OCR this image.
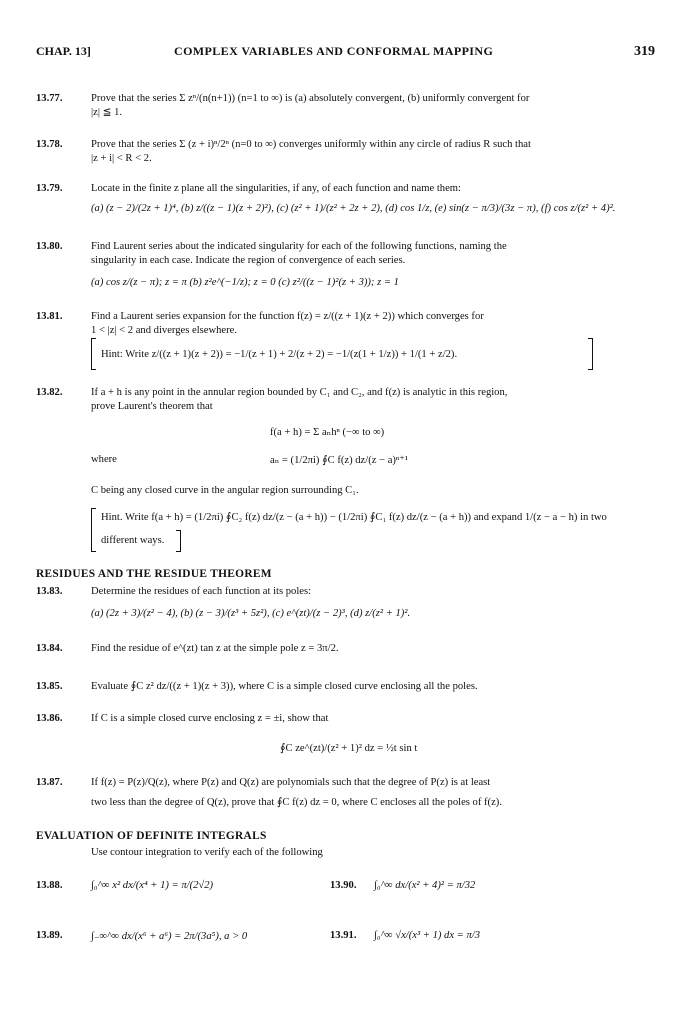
CHAP. 13]	COMPLEX VARIABLES AND CONFORMAL MAPPING	319
13.77.	Prove that the series Σ zⁿ/(n(n+1)) (n=1 to ∞) is (a) absolutely convergent, (b) uniformly convergent for
|z| ≦ 1.
13.78.	Prove that the series Σ (z + i)ⁿ/2ⁿ (n=0 to ∞) converges uniformly within any circle of radius R such that
|z + i| < R < 2.
13.79.	Locate in the finite z plane all the singularities, if any, of each function and name them:
(a) (z − 2)/(2z + 1)⁴, (b) z/((z − 1)(z + 2)²), (c) (z² + 1)/(z² + 2z + 2), (d) cos 1/z, (e) sin(z − π/3)/(3z − π), (f) cos z/(z² + 4)².
13.80.	Find Laurent series about the indicated singularity for each of the following functions, naming the
singularity in each case. Indicate the region of convergence of each series.
(a) cos z/(z − π); z = π (b) z²e^(−1/z); z = 0 (c) z²/((z − 1)²(z + 3)); z = 1
13.81.	Find a Laurent series expansion for the function f(z) = z/((z + 1)(z + 2)) which converges for
1 < |z| < 2 and diverges elsewhere.
Hint: Write z/((z + 1)(z + 2)) = −1/(z + 1) + 2/(z + 2) = −1/(z(1 + 1/z)) + 1/(1 + z/2).
13.82.	If a + h is any point in the annular region bounded by C₁ and C₂, and f(z) is analytic in this region,
prove Laurent's theorem that
f(a + h) = Σ aₙhⁿ (−∞ to ∞)
where	aₙ = (1/2πi) ∮C f(z) dz/(z − a)ⁿ⁺¹
C being any closed curve in the angular region surrounding C₁.
Hint. Write f(a + h) = (1/2πi) ∮C₂ f(z) dz/(z − (a + h)) − (1/2πi) ∮C₁ f(z) dz/(z − (a + h)) and expand 1/(z − a − h) in two
different ways.
RESIDUES AND THE RESIDUE THEOREM
13.83.	Determine the residues of each function at its poles:
(a) (2z + 3)/(z² − 4), (b) (z − 3)/(z³ + 5z²), (c) e^(zt)/(z − 2)³, (d) z/(z² + 1)².
13.84.	Find the residue of e^(zt) tan z at the simple pole z = 3π/2.
13.85.	Evaluate ∮C z² dz/((z + 1)(z + 3)), where C is a simple closed curve enclosing all the poles.
13.86.	If C is a simple closed curve enclosing z = ±i, show that
∮C ze^(zt)/(z² + 1)² dz = ½t sin t
13.87.	If f(z) = P(z)/Q(z), where P(z) and Q(z) are polynomials such that the degree of P(z) is at least
two less than the degree of Q(z), prove that ∮C f(z) dz = 0, where C encloses all the poles of f(z).
EVALUATION OF DEFINITE INTEGRALS
Use contour integration to verify each of the following
13.88.	∫₀^∞ x² dx/(x⁴ + 1) = π/(2√2)	13.90. ∫₀^∞ dx/(x² + 4)² = π/32
13.89.	∫₋∞^∞ dx/(x⁶ + a⁶) = 2π/(3a⁵), a > 0	13.91. ∫₀^∞ √x/(x³ + 1) dx = π/3
